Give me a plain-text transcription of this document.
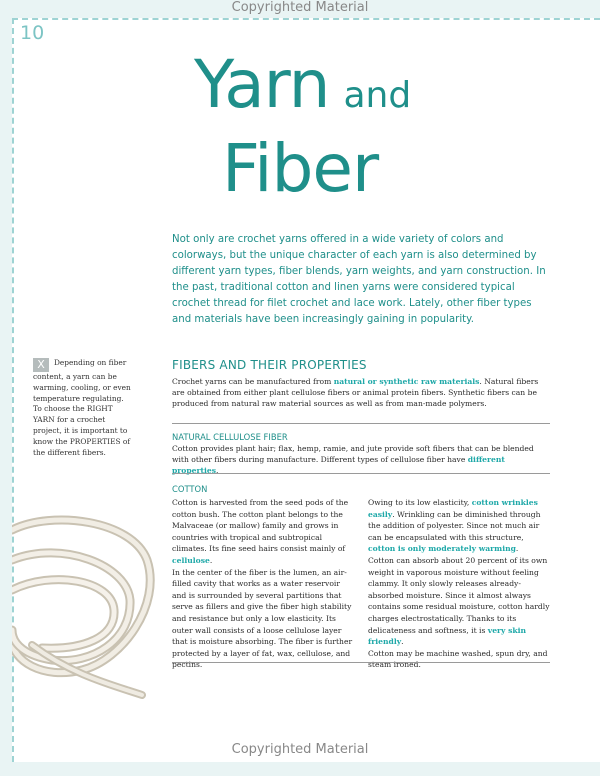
Copyrighted Material
10
Yarn and
Fiber

Not only are crochet yarns offered in a wide variety of colors and colorways, but the unique character of each yarn is also determined by different yarn types, fiber blends, yarn weights, and yarn construction. In the past, traditional cotton and linen yarns were considered typical crochet thread for filet crochet and lace work. Lately, other fiber types and materials have been increasingly gaining in popularity.

X Depending on fiber content, a yarn can be warming, cooling, or even temperature regulating. To choose the RIGHT YARN for a crochet project, it is important to know the PROPERTIES of the different fibers.
FIBERS AND THEIR PROPERTIES

Crochet yarns can be manufactured from natural or synthetic raw materials. Natural fibers are obtained from either plant cellulose fibers or animal protein fibers. Synthetic fibers can be produced from natural raw material sources as well as from man-made polymers.

NATURAL CELLULOSE FIBER

Cotton provides plant hair; flax, hemp, ramie, and jute provide soft fibers that can be blended with other fibers during manufacture. Different types of cellulose fiber have different properties.

COTTON

Cotton is harvested from the seed pods of the cotton bush. The cotton plant belongs to the Malvaceae (or mallow) family and grows in countries with tropical and subtropical climates. Its fine seed hairs consist mainly of cellulose.

In the center of the fiber is the lumen, an air-filled cavity that works as a water reservoir and is surrounded by several partitions that serve as fillers and give the fiber high stability and resistance but only a low elasticity. Its outer wall consists of a loose cellulose layer that is moisture absorbing. The fiber is further protected by a layer of fat, wax, cellulose, and pectins.

Owing to its low elasticity, cotton wrinkles easily. Wrinkling can be diminished through the addition of polyester. Since not much air can be encapsulated with this structure, cotton is only moderately warming.

Cotton can absorb about 20 percent of its own weight in vaporous moisture without feeling clammy. It only slowly releases already-absorbed moisture. Since it almost always contains some residual moisture, cotton hardly charges electrostatically. Thanks to its delicateness and softness, it is very skin friendly.

Cotton may be machine washed, spun dry, and steam ironed.

Copyrighted Material
